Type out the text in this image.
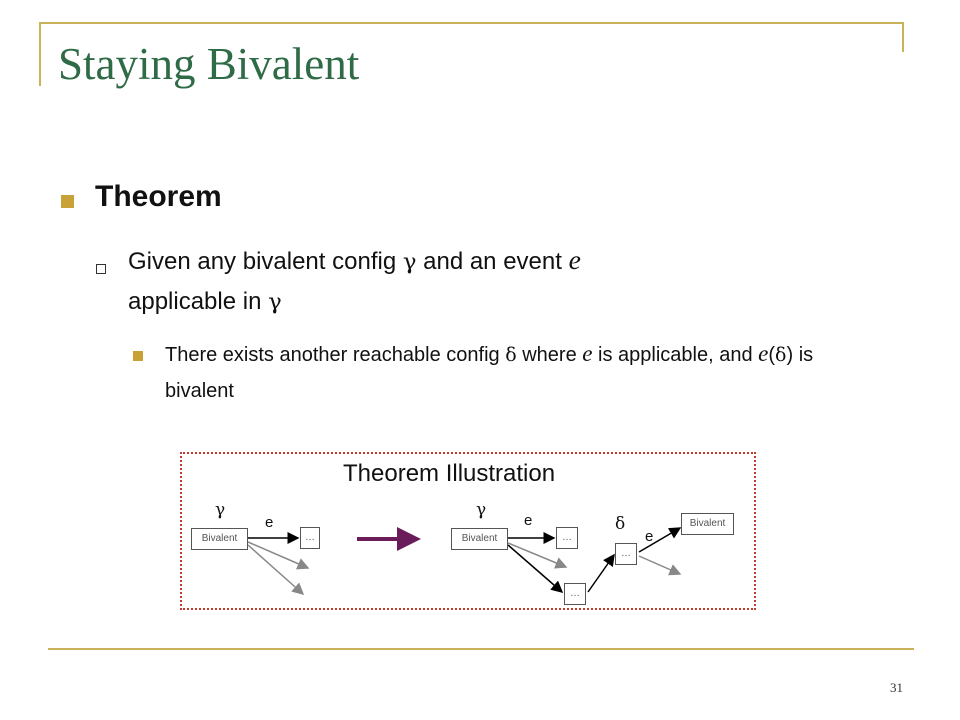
Staying Bivalent
Theorem
Given any bivalent config γ and an event e
applicable in γ
There exists another reachable config δ where e is applicable, and e(δ) is bivalent
Theorem Illustration
γ
Bivalent
e
…
γ
Bivalent
e
…
…
δ
…
e
Bivalent
31
